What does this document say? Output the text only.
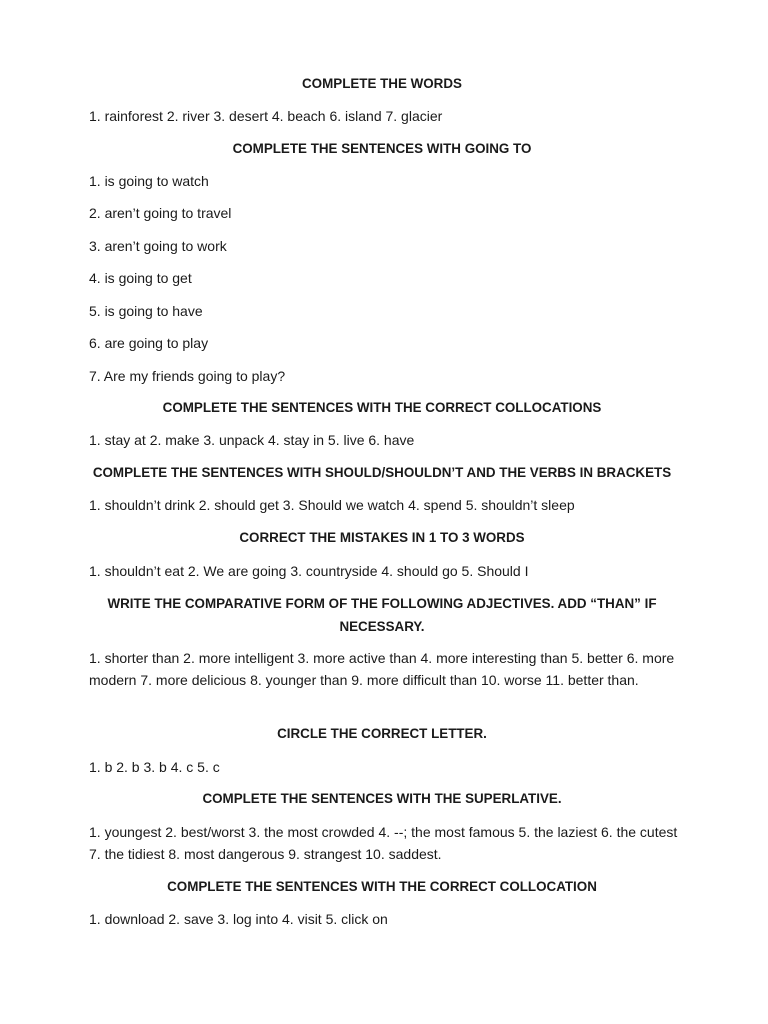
COMPLETE THE WORDS
1. rainforest 2. river 3. desert 4. beach 6. island 7. glacier
COMPLETE THE SENTENCES WITH GOING TO
1. is going to watch
2. aren’t going to travel
3. aren’t going to work
4. is going to get
5. is going to have
6. are going to play
7. Are my friends going to play?
COMPLETE THE SENTENCES WITH THE CORRECT COLLOCATIONS
1. stay at 2. make 3. unpack 4. stay in 5. live 6. have
COMPLETE THE SENTENCES WITH SHOULD/SHOULDN’T AND THE VERBS IN BRACKETS
1. shouldn’t drink 2. should get 3. Should we watch 4. spend 5. shouldn’t sleep
CORRECT THE MISTAKES IN 1 TO 3 WORDS
1. shouldn’t eat 2. We are going 3. countryside 4. should go 5. Should I
WRITE THE COMPARATIVE FORM OF THE FOLLOWING ADJECTIVES. ADD “THAN” IF NECESSARY.
1. shorter than 2. more intelligent 3. more active than 4. more interesting than 5. better 6. more modern 7. more delicious 8. younger than 9. more difficult than 10. worse 11. better than.
CIRCLE THE CORRECT LETTER.
1. b 2. b 3. b 4. c 5. c
COMPLETE THE SENTENCES WITH THE SUPERLATIVE.
1. youngest 2. best/worst 3. the most crowded 4. --; the most famous 5. the laziest 6. the cutest 7. the tidiest 8. most dangerous 9. strangest 10. saddest.
COMPLETE THE SENTENCES WITH THE CORRECT COLLOCATION
1. download 2. save 3. log into 4. visit 5. click on
